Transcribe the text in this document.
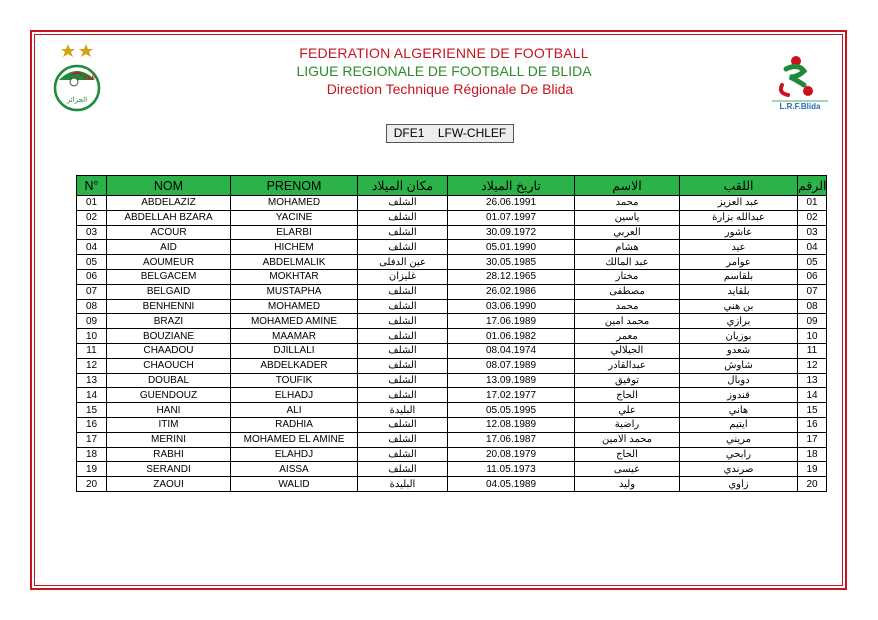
FAF
الجزائر
L.R.F.Blida
FEDERATION ALGERIENNE DE FOOTBALL
LIGUE REGIONALE DE FOOTBALL DE BLIDA
Direction Technique Régionale De Blida
DFE1 LFW-CHLEF
N°	NOM	PRENOM	مكان الميلاد	تاريخ الميلاد	الاسم	اللقب	الرقم
01	ABDELAZIZ	MOHAMED	الشلف	26.06.1991	محمد	عبد العزيز	01
02	ABDELLAH BZARA	YACINE	الشلف	01.07.1997	ياسين	عبدالله بزارة	02
03	ACOUR	ELARBI	الشلف	30.09.1972	العربي	عاشور	03
04	AID	HICHEM	الشلف	05.01.1990	هشام	عيد	04
05	AOUMEUR	ABDELMALIK	عين الدفلى	30.05.1985	عبد المالك	عوامر	05
06	BELGACEM	MOKHTAR	غليزان	28.12.1965	مختار	بلقاسم	06
07	BELGAID	MUSTAPHA	الشلف	26.02.1986	مصطفى	بلقايد	07
08	BENHENNI	MOHAMED	الشلف	03.06.1990	محمد	بن هني	08
09	BRAZI	MOHAMED AMINE	الشلف	17.06.1989	محمد امين	برازي	09
10	BOUZIANE	MAAMAR	الشلف	01.06.1982	معمر	بوزيان	10
11	CHAADOU	DJILLALI	الشلف	08.04.1974	الجيلالي	شعدو	11
12	CHAOUCH	ABDELKADER	الشلف	08.07.1989	عبدالقادر	شاوش	12
13	DOUBAL	TOUFIK	الشلف	13.09.1989	توفيق	دوبال	13
14	GUENDOUZ	ELHADJ	الشلف	17.02.1977	الحاج	قندوز	14
15	HANI	ALI	البليدة	05.05.1995	علي	هاني	15
16	ITIM	RADHIA	الشلف	12.08.1989	راضية	ايتيم	16
17	MERINI	MOHAMED EL AMINE	الشلف	17.06.1987	محمد الامين	مريني	17
18	RABHI	ELAHDJ	الشلف	20.08.1979	الحاج	رابحي	18
19	SERANDI	AISSA	الشلف	11.05.1973	عيسى	صرندي	19
20	ZAOUI	WALID	البليدة	04.05.1989	وليد	زاوي	20
